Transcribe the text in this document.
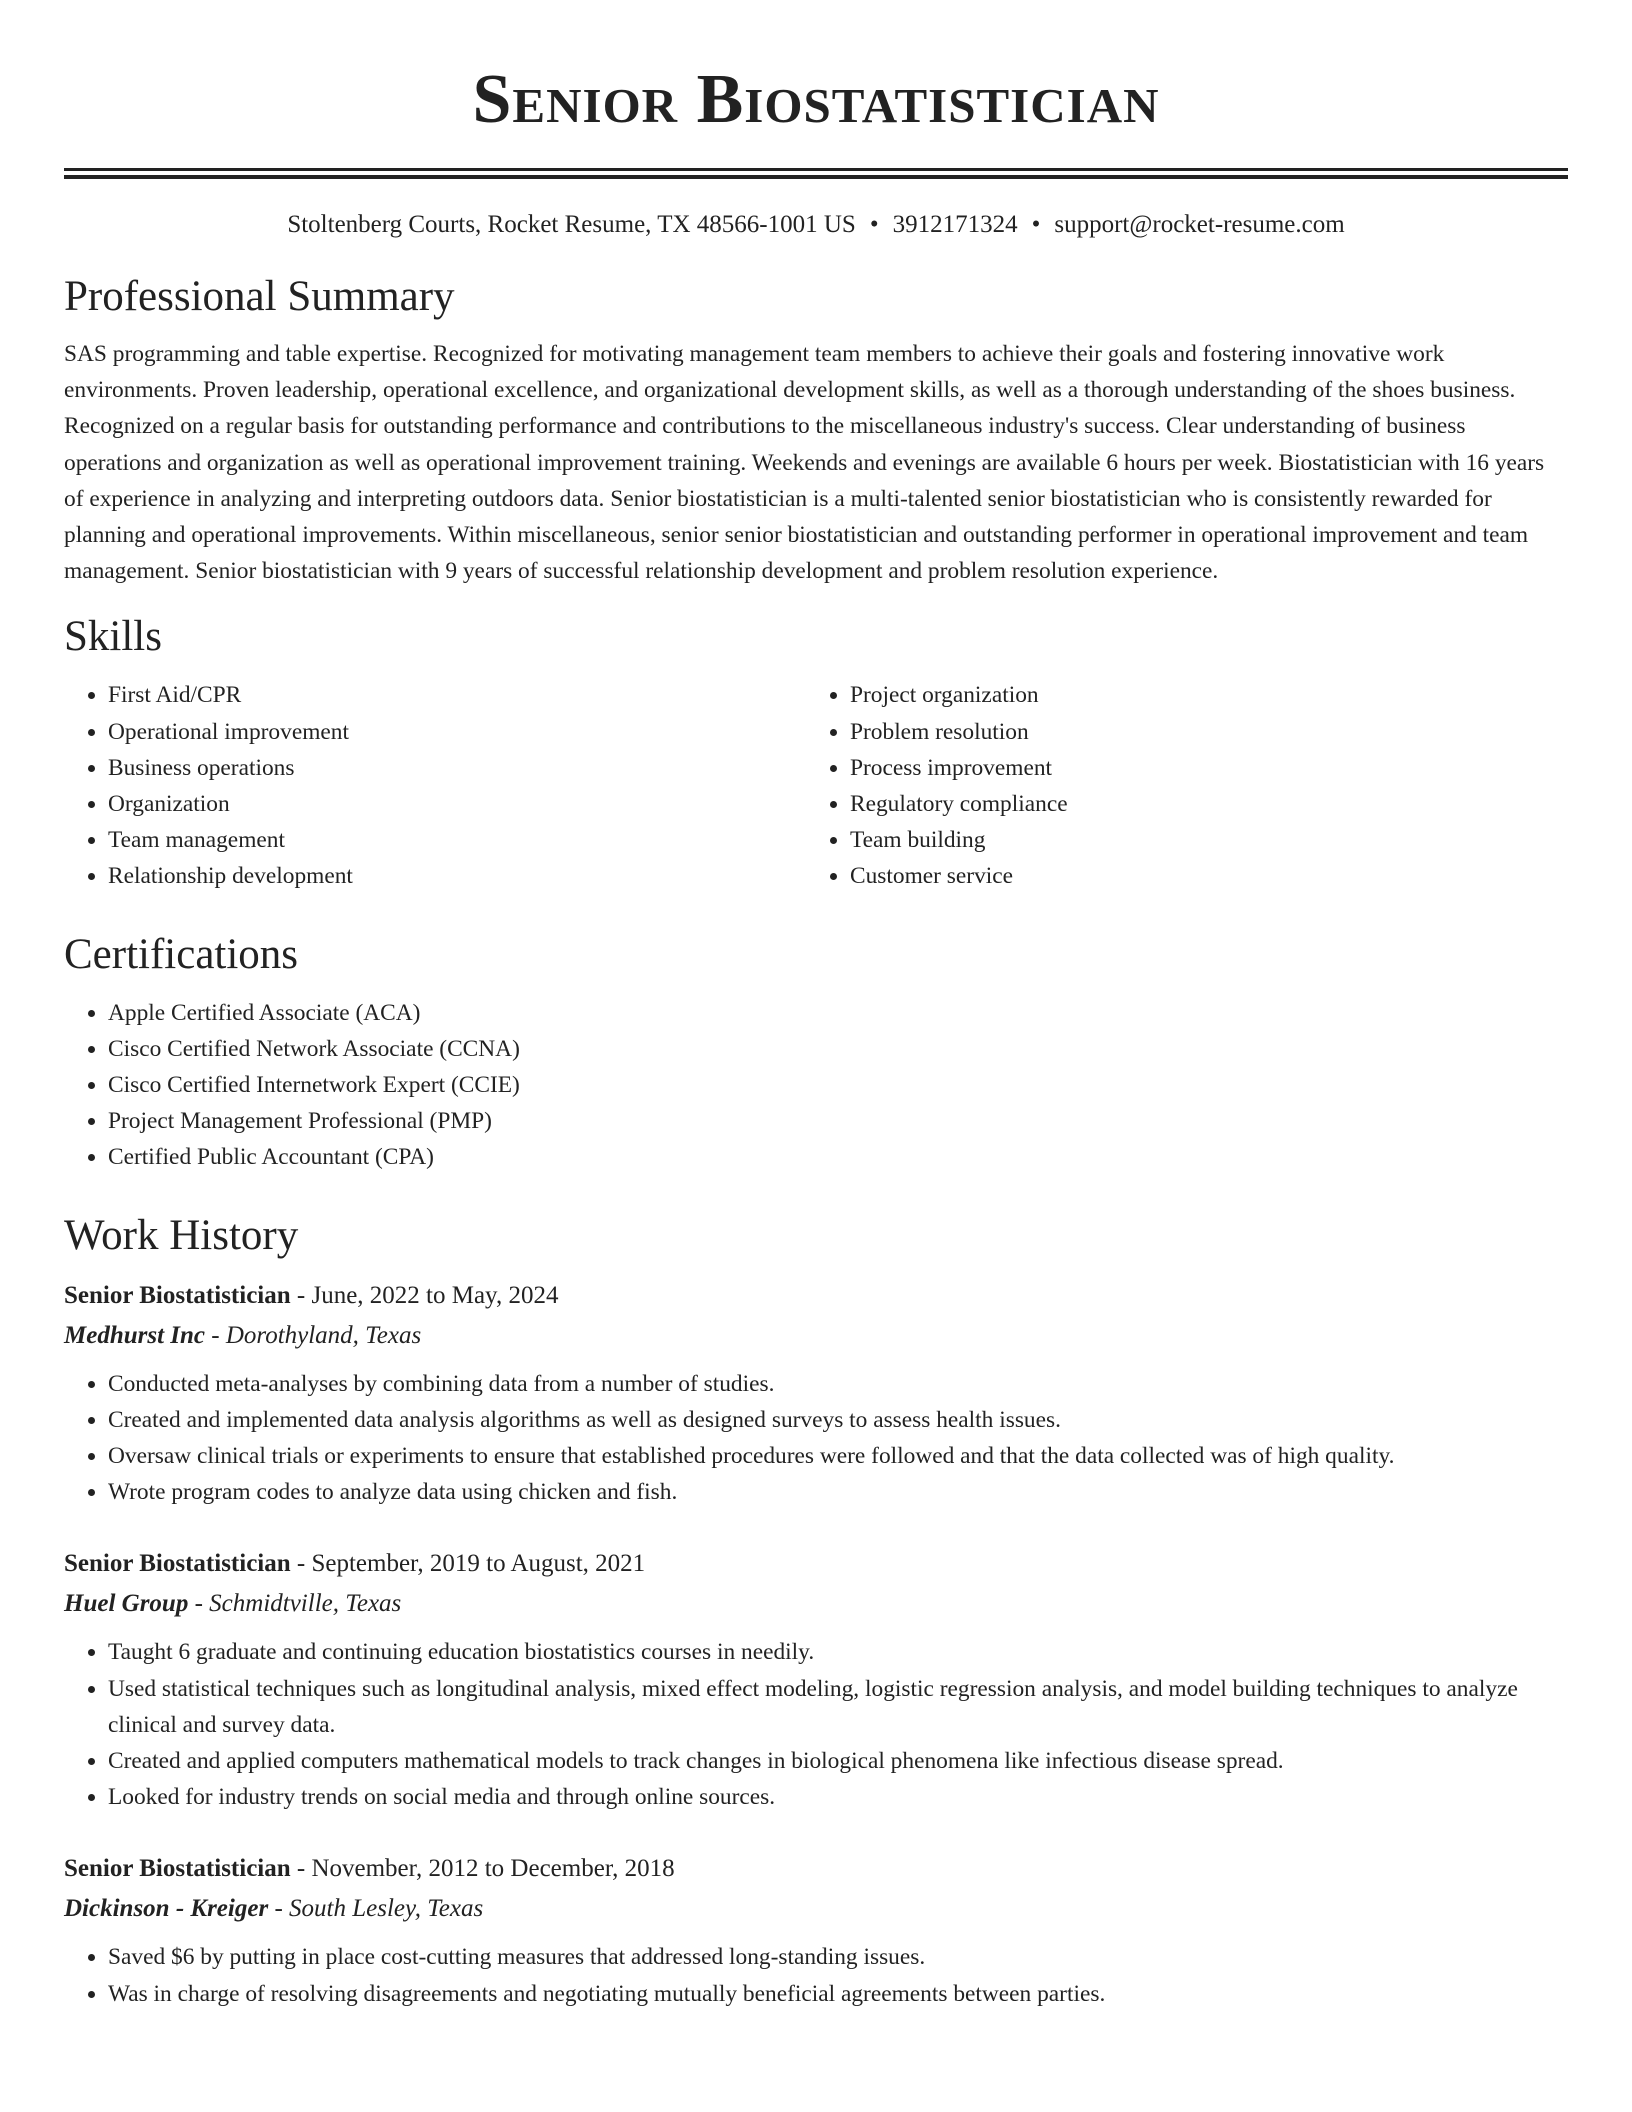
Senior Biostatistician
Stoltenberg Courts, Rocket Resume, TX 48566-1001 US • 3912171324 • support@rocket-resume.com
Professional Summary

SAS programming and table expertise. Recognized for motivating management team members to achieve their goals and fostering innovative work environments. Proven leadership, operational excellence, and organizational development skills, as well as a thorough understanding of the shoes business. Recognized on a regular basis for outstanding performance and contributions to the miscellaneous industry's success. Clear understanding of business operations and organization as well as operational improvement training. Weekends and evenings are available 6 hours per week. Biostatistician with 16 years of experience in analyzing and interpreting outdoors data. Senior biostatistician is a multi-talented senior biostatistician who is consistently rewarded for planning and operational improvements. Within miscellaneous, senior senior biostatistician and outstanding performer in operational improvement and team management. Senior biostatistician with 9 years of successful relationship development and problem resolution experience.

Skills
• First Aid/CPR
• Operational improvement
• Business operations
• Organization
• Team management
• Relationship development
• Project organization
• Problem resolution
• Process improvement
• Regulatory compliance
• Team building
• Customer service
Certifications
• Apple Certified Associate (ACA)
• Cisco Certified Network Associate (CCNA)
• Cisco Certified Internetwork Expert (CCIE)
• Project Management Professional (PMP)
• Certified Public Accountant (CPA)
Work History
Senior Biostatistician - June, 2022 to May, 2024
Medhurst Inc - Dorothyland, Texas
• Conducted meta-analyses by combining data from a number of studies.
• Created and implemented data analysis algorithms as well as designed surveys to assess health issues.
• Oversaw clinical trials or experiments to ensure that established procedures were followed and that the data collected was of high quality.
• Wrote program codes to analyze data using chicken and fish.
Senior Biostatistician - September, 2019 to August, 2021
Huel Group - Schmidtville, Texas
• Taught 6 graduate and continuing education biostatistics courses in needily.
• Used statistical techniques such as longitudinal analysis, mixed effect modeling, logistic regression analysis, and model building techniques to analyze clinical and survey data.
• Created and applied computers mathematical models to track changes in biological phenomena like infectious disease spread.
• Looked for industry trends on social media and through online sources.
Senior Biostatistician - November, 2012 to December, 2018
Dickinson - Kreiger - South Lesley, Texas
• Saved $6 by putting in place cost-cutting measures that addressed long-standing issues.
• Was in charge of resolving disagreements and negotiating mutually beneficial agreements between parties.
